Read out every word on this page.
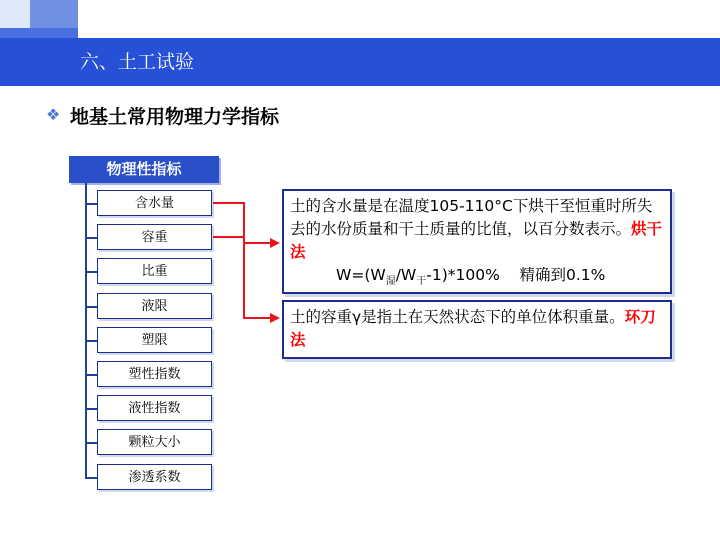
六、土工试验
❖ 地基土常用物理力学指标
物理性指标
含水量
容重
比重
液限
塑限
塑性指数
液性指数
颗粒大小
渗透系数
土的含水量是在温度105-110°C下烘干至恒重时所失去的水份质量和干土质量的比值，以百分数表示。烘干法
$W=(W_湿/W_干-1)*100\%$    精确到0.1%
土的容重γ是指土在天然状态下的单位体积重量。环刀法
